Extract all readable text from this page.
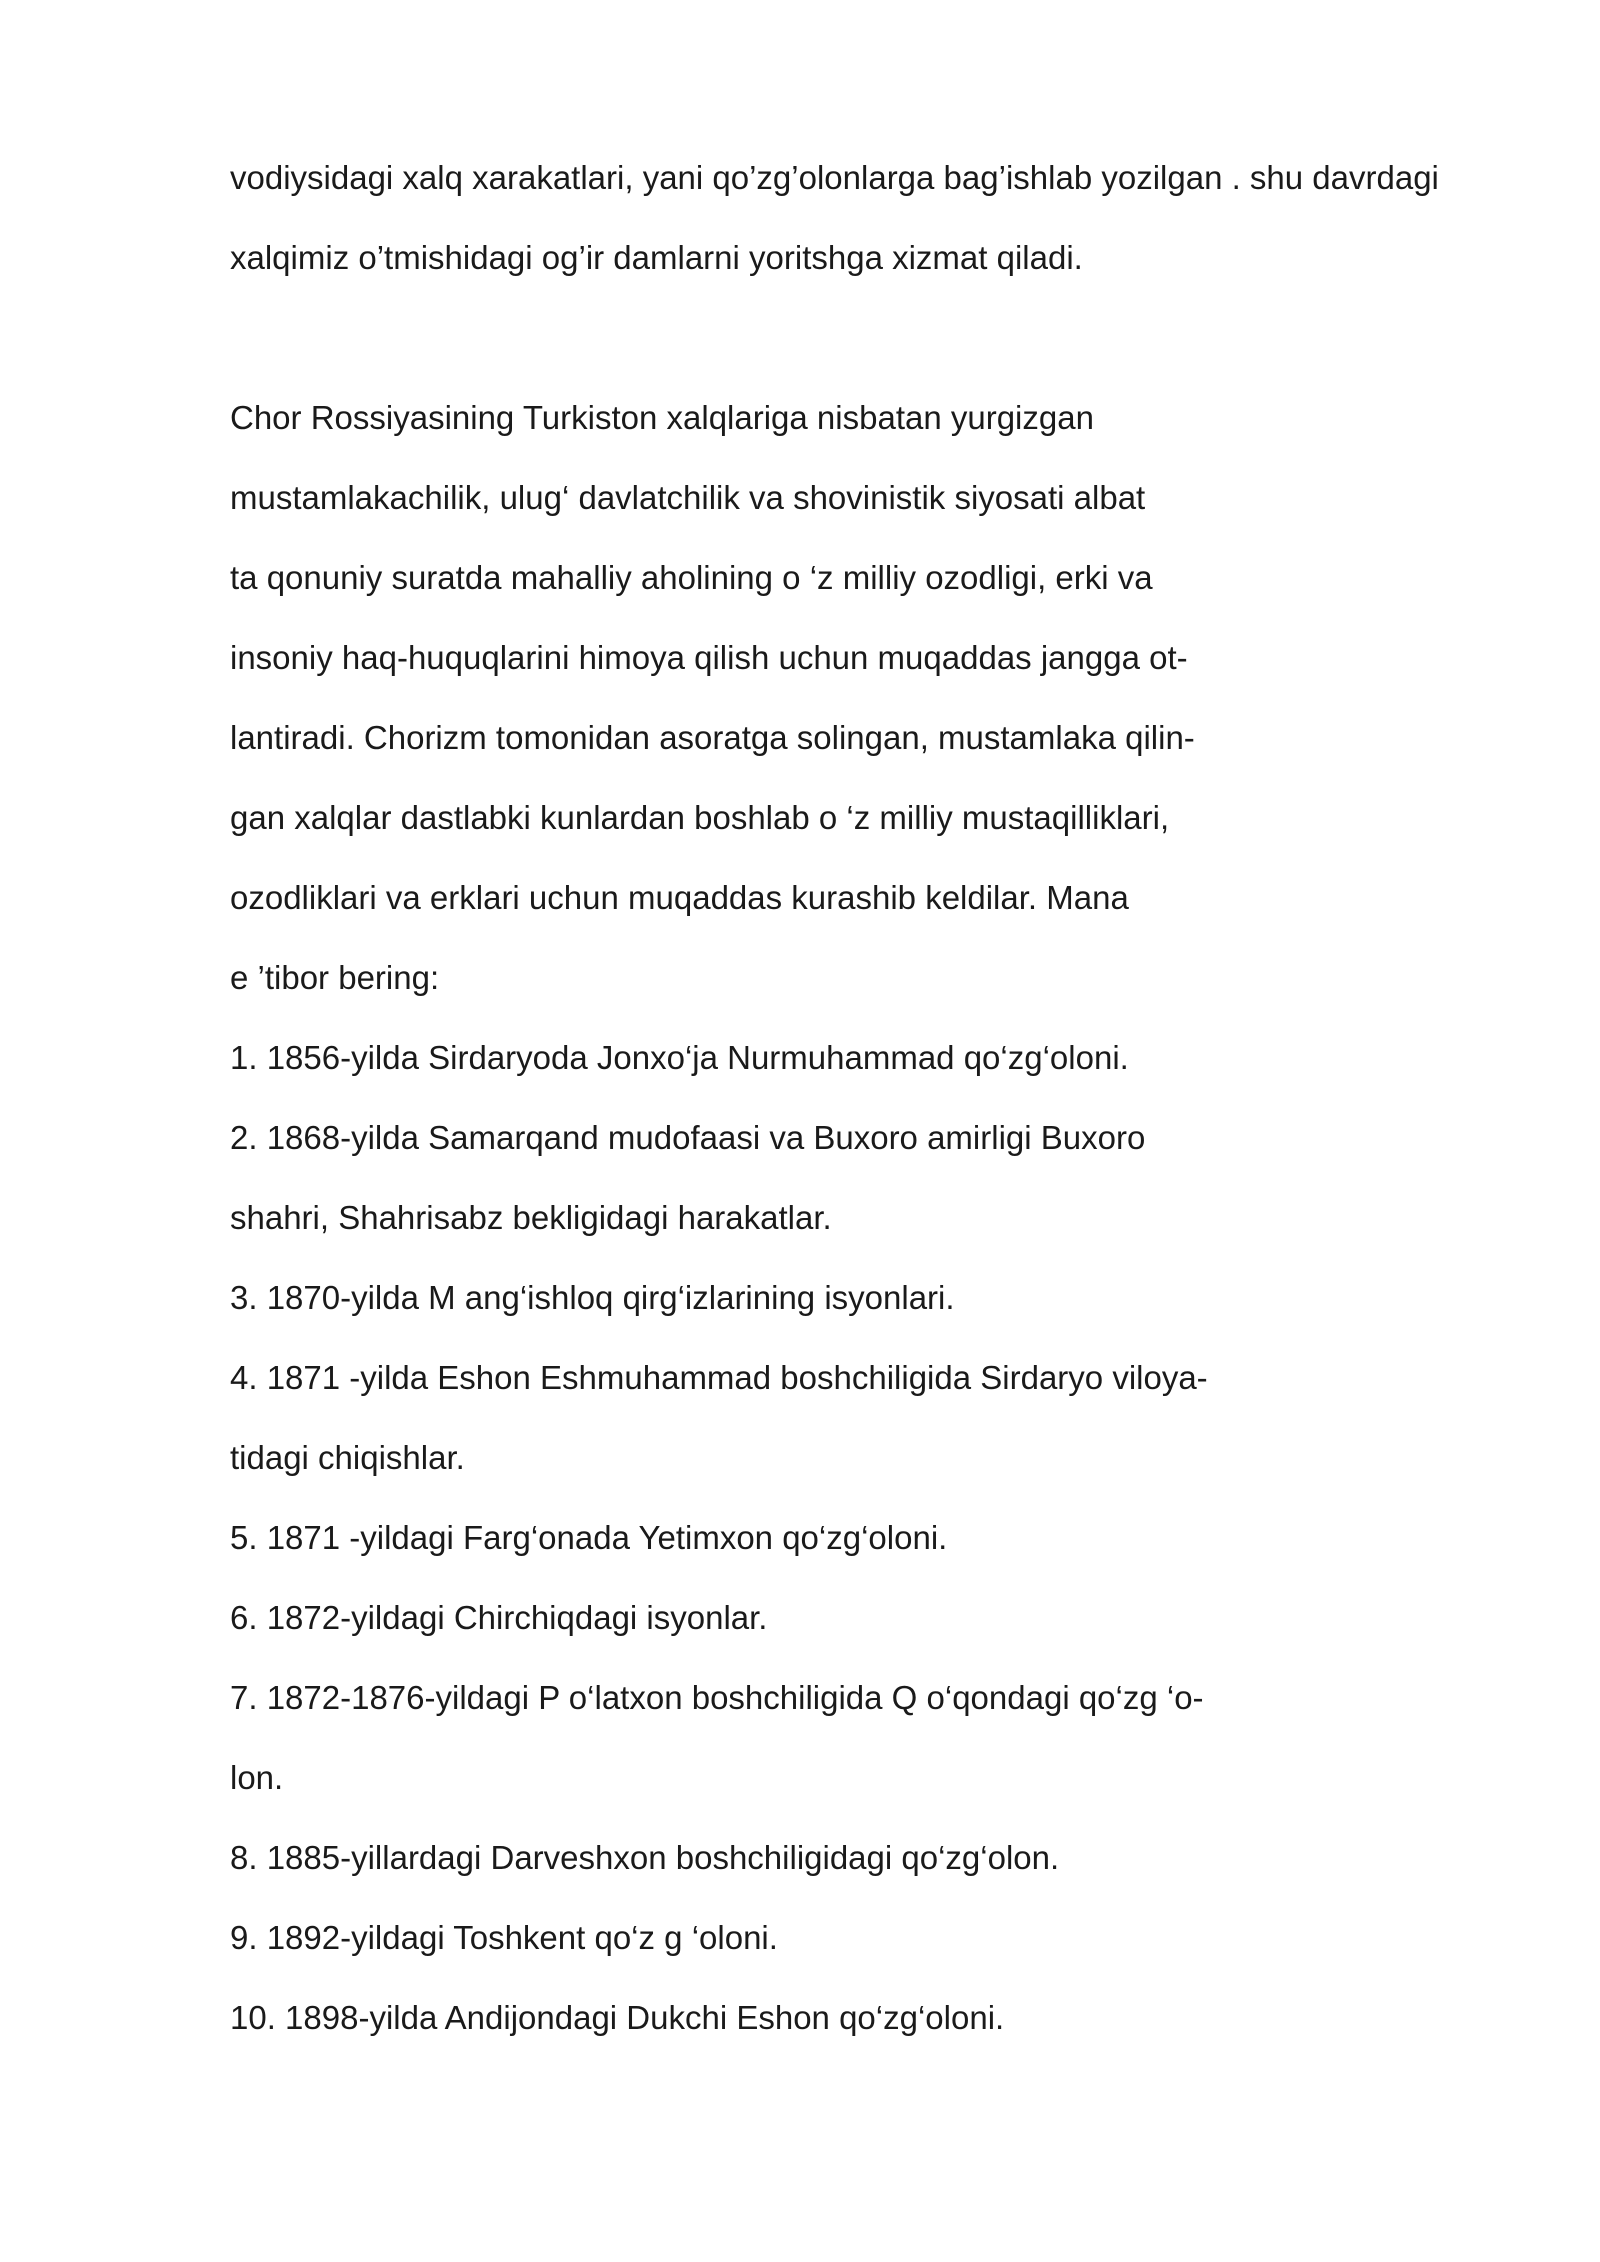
vodiysidagi xalq xarakatlari, yani qo’zg’olonlarga bag’ishlab yozilgan . shu davrdagi
xalqimiz o’tmishidagi og’ir damlarni yoritshga xizmat qiladi.
Chor Rossiyasining Turkiston xalqlariga nisbatan yurgizgan
mustamlakachilik, ulug‘ davlatchilik va shovinistik siyosati albat
ta qonuniy suratda mahalliy aholining o ‘z milliy ozodligi, erki va
insoniy haq-huquqlarini himoya qilish uchun muqaddas jangga ot-
lantiradi. Chorizm tomonidan asoratga solingan, mustamlaka qilin-
gan xalqlar dastlabki kunlardan boshlab o ‘z milliy mustaqilliklari,
ozodliklari va erklari uchun muqaddas kurashib keldilar. Mana
e ’tibor bering:
1. 1856-yilda Sirdaryoda Jonxo‘ja Nurmuhammad qo‘zg‘oloni.
2. 1868-yilda Samarqand mudofaasi va Buxoro amirligi Buxoro
shahri, Shahrisabz bekligidagi harakatlar.
3. 1870-yilda M ang‘ishloq qirg‘izlarining isyonlari.
4. 1871 -yilda Eshon Eshmuhammad boshchiligida Sirdaryo viloya-
tidagi chiqishlar.
5. 1871 -yildagi Farg‘onada Yetimxon qo‘zg‘oloni.
6. 1872-yildagi Chirchiqdagi isyonlar.
7. 1872-1876-yildagi P o‘latxon boshchiligida Q o‘qondagi qo‘zg ‘o-
lon.
8. 1885-yillardagi Darveshxon boshchiligidagi qo‘zg‘olon.
9. 1892-yildagi Toshkent qo‘z g ‘oloni.
10. 1898-yilda Andijondagi Dukchi Eshon qo‘zg‘oloni.
